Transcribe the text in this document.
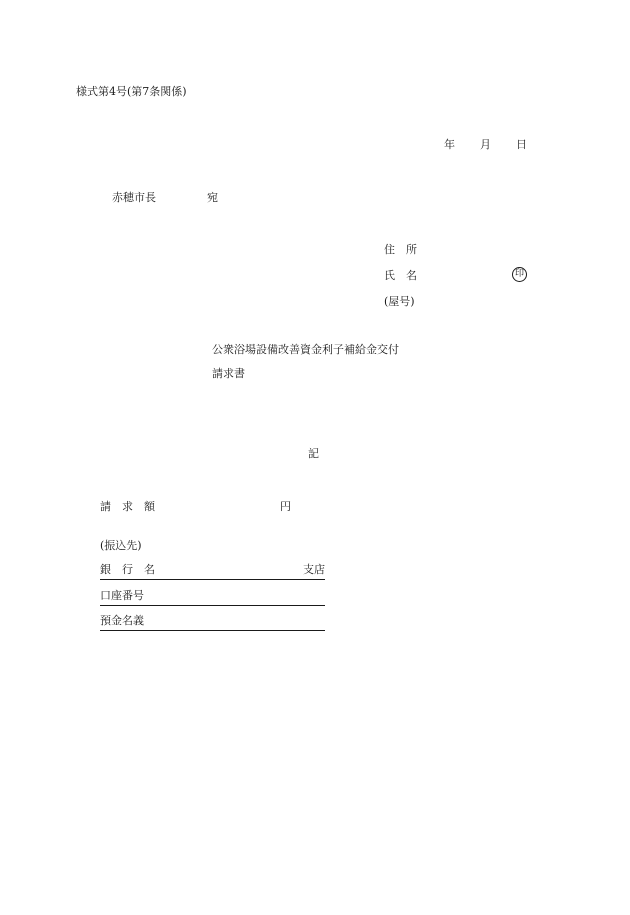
様式第4号(第7条関係)
年 月 日
赤穂市長	宛
住　所
氏　名	印
(屋号)
公衆浴場設備改善資金利子補給金交付
請求書
記
請　求　額	円
(振込先)
銀　行　名	支店
口座番号
預金名義
